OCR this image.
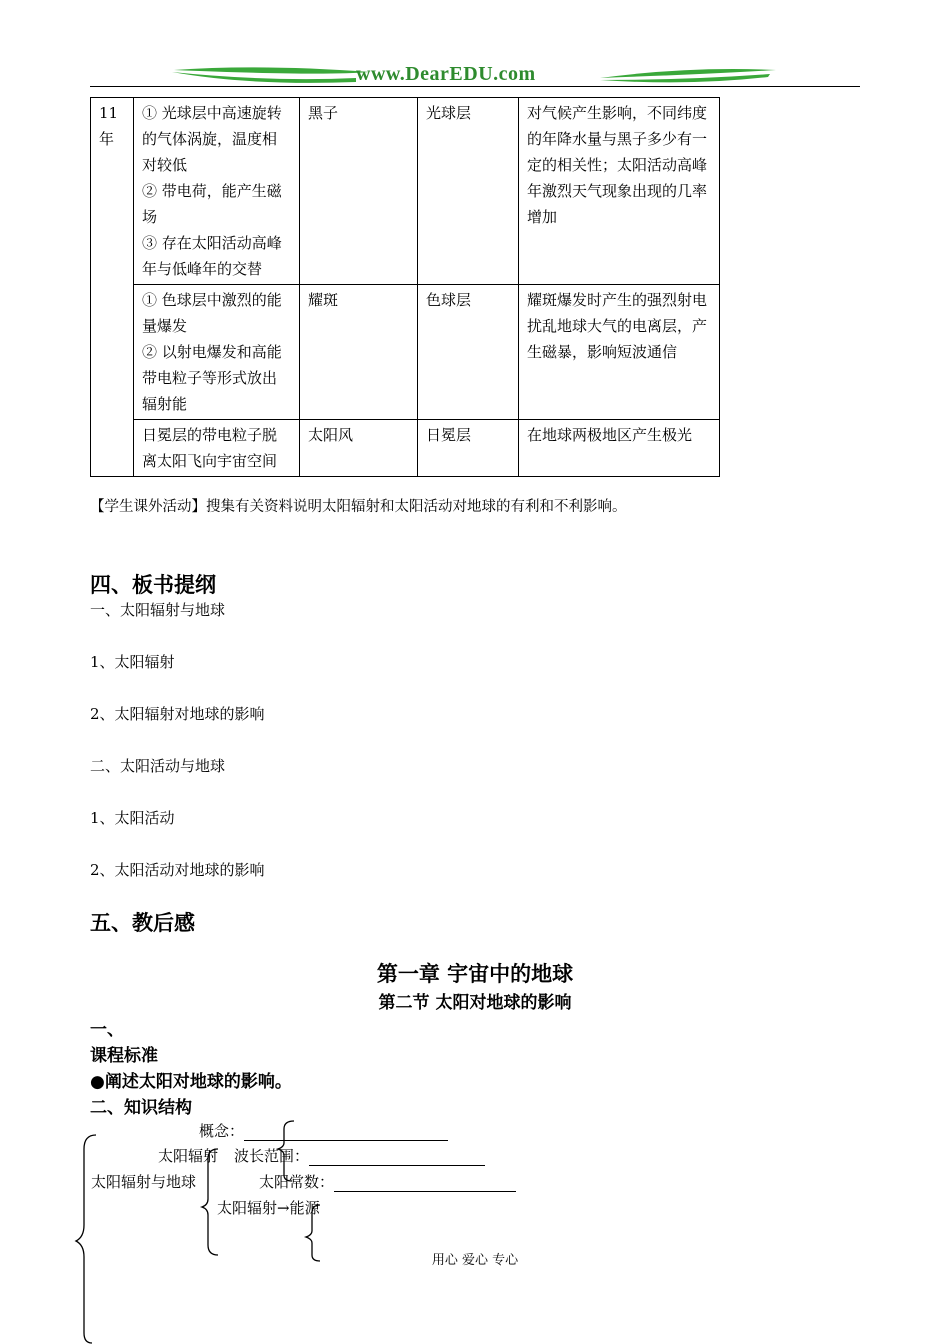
www.DearEDU.com
11年	① 光球层中高速旋转的气体涡旋，温度相对较低
② 带电荷，能产生磁场
③ 存在太阳活动高峰年与低峰年的交替	黑子	光球层	对气候产生影响，不同纬度的年降水量与黑子多少有一定的相关性；太阳活动高峰年激烈天气现象出现的几率增加

	① 色球层中激烈的能量爆发
② 以射电爆发和高能带电粒子等形式放出辐射能	耀斑	色球层	耀斑爆发时产生的强烈射电扰乱地球大气的电离层，产生磁暴，影响短波通信

	日冕层的带电粒子脱离太阳飞向宇宙空间	太阳风	日冕层	在地球两极地区产生极光
【学生课外活动】搜集有关资料说明太阳辐射和太阳活动对地球的有利和不利影响。
四、板书提纲
一、太阳辐射与地球
1、太阳辐射
2、太阳辐射对地球的影响
二、太阳活动与地球
1、太阳活动
2、太阳活动对地球的影响
五、教后感
第一章 宇宙中的地球
第二节 太阳对地球的影响
一、
课程标准
●阐述太阳对地球的影响。
二、知识结构
概念：
太阳辐射 波长范围：
太阳辐射与地球	太阳常数：
太阳辐射→能源
用心 爱心 专心
